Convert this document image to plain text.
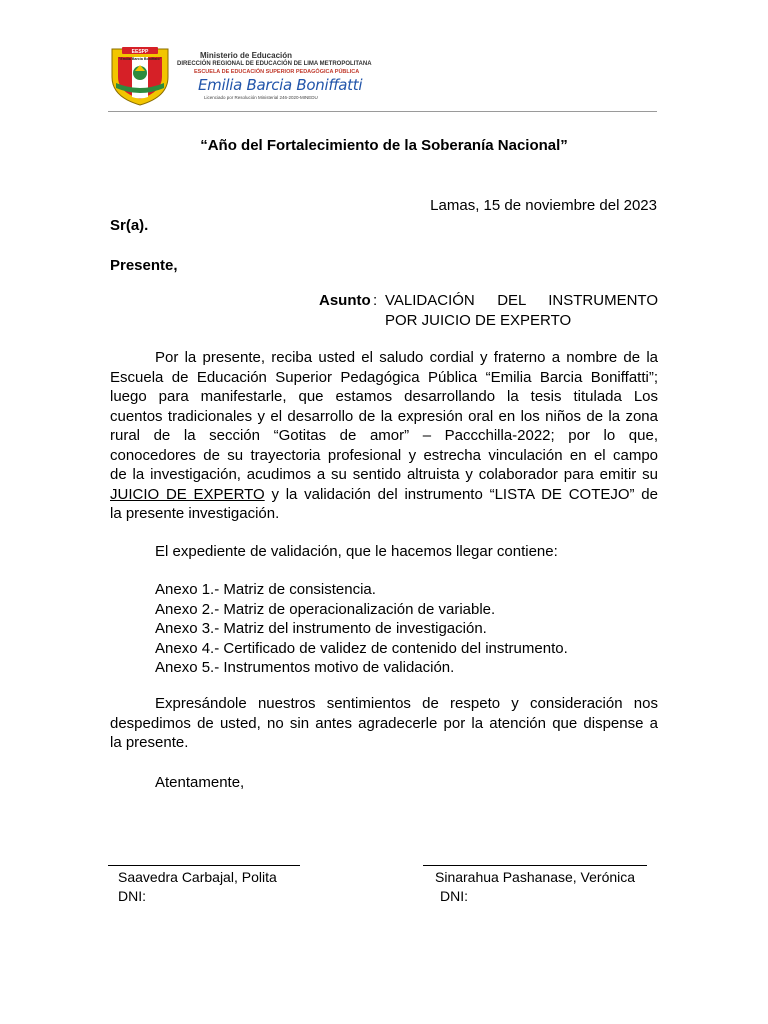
EESPP
"Emilia Barcia Boniffatti"	Ministerio de Educación
DIRECCIÓN REGIONAL DE EDUCACIÓN DE LIMA METROPOLITANA
ESCUELA DE EDUCACIÓN SUPERIOR PEDAGÓGICA PÚBLICA
Emilia Barcia Boniffatti
Licenciado por Resolución Ministerial 246-2020-MINEDU
“Año del Fortalecimiento de la Soberanía Nacional”
Lamas, 15 de noviembre del 2023
Sr(a).
Presente,
Asunto : VALIDACIÓN DEL INSTRUMENTO
POR JUICIO DE EXPERTO
Por la presente, reciba usted el saludo cordial y fraterno a nombre de la
Escuela de Educación Superior Pedagógica Pública “Emilia Barcia Boniffatti”;
luego para manifestarle, que estamos desarrollando la tesis titulada Los
cuentos tradicionales y el desarrollo de la expresión oral en los niños de la zona
rural de la sección “Gotitas de amor” – Paccchilla-2022; por lo que,
conocedores de su trayectoria profesional y estrecha vinculación en el campo
de la investigación, acudimos a su sentido altruista y colaborador para emitir su
JUICIO DE EXPERTO y la validación del instrumento “LISTA DE COTEJO” de
la presente investigación.
El expediente de validación, que le hacemos llegar contiene:
Anexo 1.- Matriz de consistencia.
Anexo 2.- Matriz de operacionalización de variable.
Anexo 3.- Matriz del instrumento de investigación.
Anexo 4.- Certificado de validez de contenido del instrumento.
Anexo 5.- Instrumentos motivo de validación.
Expresándole nuestros sentimientos de respeto y consideración nos
despedimos de usted, no sin antes agradecerle por la atención que dispense a
la presente.
Atentamente,
Saavedra Carbajal, Polita
DNI:
Sinarahua Pashanase, Verónica
DNI:
